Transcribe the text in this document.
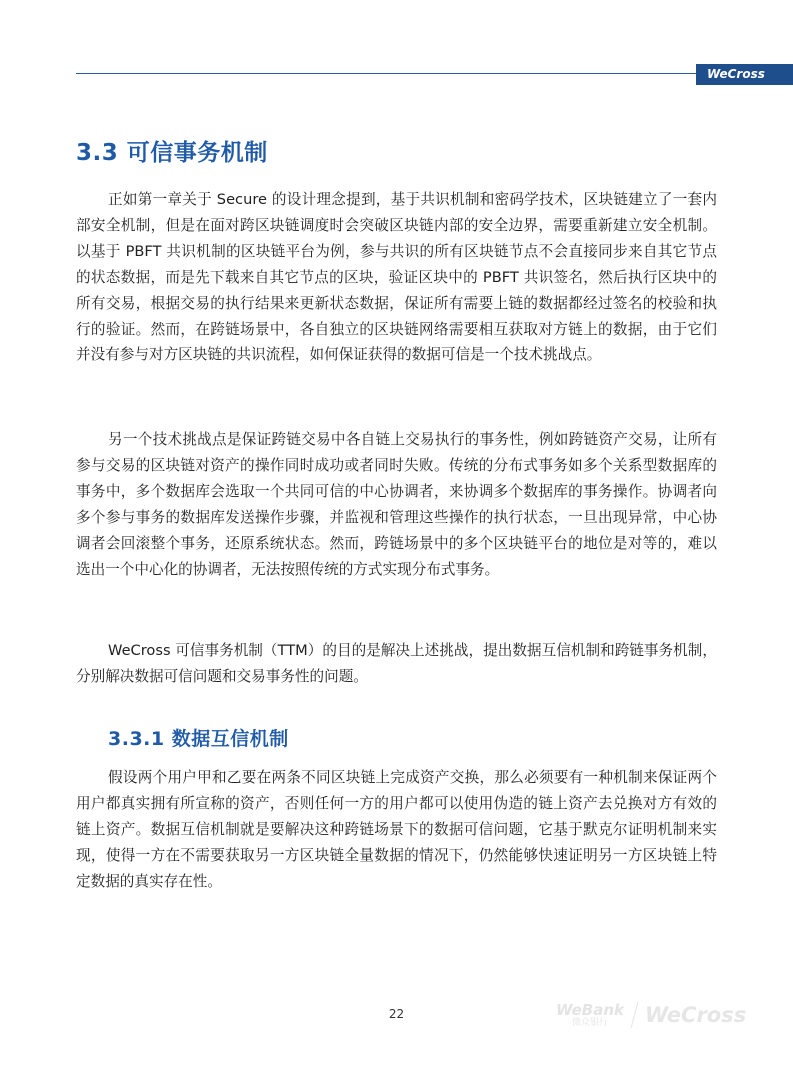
WeCross
3.3 可信事务机制

正如第一章关于 Secure 的设计理念提到，基于共识机制和密码学技术，区块链建立了一套内部安全机制，但是在面对跨区块链调度时会突破区块链内部的安全边界，需要重新建立安全机制。以基于 PBFT 共识机制的区块链平台为例，参与共识的所有区块链节点不会直接同步来自其它节点的状态数据，而是先下载来自其它节点的区块，验证区块中的 PBFT 共识签名，然后执行区块中的所有交易，根据交易的执行结果来更新状态数据，保证所有需要上链的数据都经过签名的校验和执行的验证。然而，在跨链场景中，各自独立的区块链网络需要相互获取对方链上的数据，由于它们并没有参与对方区块链的共识流程，如何保证获得的数据可信是一个技术挑战点。

另一个技术挑战点是保证跨链交易中各自链上交易执行的事务性，例如跨链资产交易，让所有参与交易的区块链对资产的操作同时成功或者同时失败。传统的分布式事务如多个关系型数据库的事务中，多个数据库会选取一个共同可信的中心协调者，来协调多个数据库的事务操作。协调者向多个参与事务的数据库发送操作步骤，并监视和管理这些操作的执行状态，一旦出现异常，中心协调者会回滚整个事务，还原系统状态。然而，跨链场景中的多个区块链平台的地位是对等的，难以选出一个中心化的协调者，无法按照传统的方式实现分布式事务。

WeCross 可信事务机制（TTM）的目的是解决上述挑战，提出数据互信机制和跨链事务机制，分别解决数据可信问题和交易事务性的问题。

3.3.1 数据互信机制

假设两个用户甲和乙要在两条不同区块链上完成资产交换，那么必须要有一种机制来保证两个用户都真实拥有所宣称的资产，否则任何一方的用户都可以使用伪造的链上资产去兑换对方有效的链上资产。数据互信机制就是要解决这种跨链场景下的数据可信问题，它基于默克尔证明机制来实现，使得一方在不需要获取另一方区块链全量数据的情况下，仍然能够快速证明另一方区块链上特定数据的真实存在性。

22	WeBank
微众银行 WeCross
